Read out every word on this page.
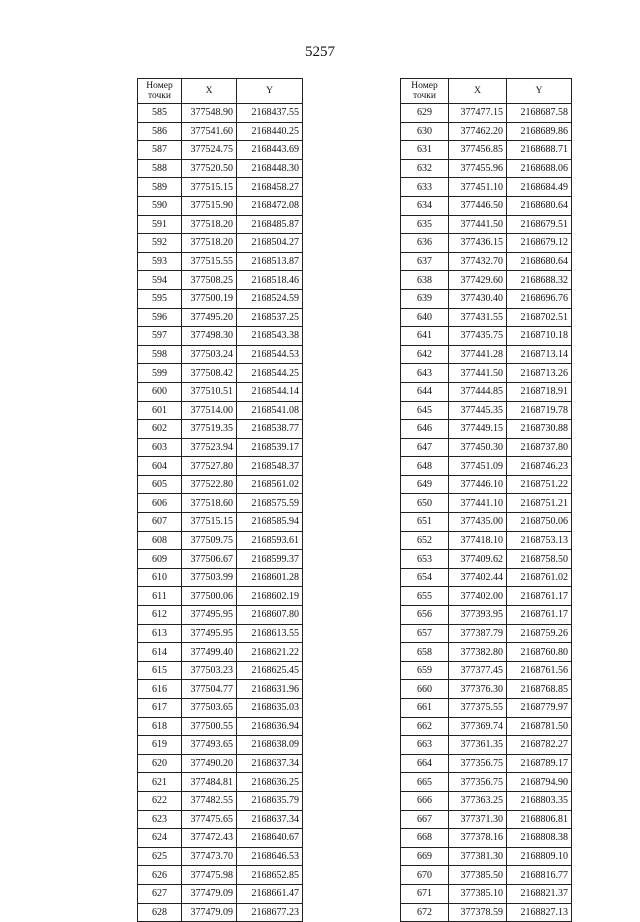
5257
Номер точки	X	Y
585	377548.90	2168437.55
586	377541.60	2168440.25
587	377524.75	2168443.69
588	377520.50	2168448.30
589	377515.15	2168458.27
590	377515.90	2168472.08
591	377518.20	2168485.87
592	377518.20	2168504.27
593	377515.55	2168513.87
594	377508.25	2168518.46
595	377500.19	2168524.59
596	377495.20	2168537.25
597	377498.30	2168543.38
598	377503.24	2168544.53
599	377508.42	2168544.25
600	377510.51	2168544.14
601	377514.00	2168541.08
602	377519.35	2168538.77
603	377523.94	2168539.17
604	377527.80	2168548.37
605	377522.80	2168561.02
606	377518.60	2168575.59
607	377515.15	2168585.94
608	377509.75	2168593.61
609	377506.67	2168599.37
610	377503.99	2168601.28
611	377500.06	2168602.19
612	377495.95	2168607.80
613	377495.95	2168613.55
614	377499.40	2168621.22
615	377503.23	2168625.45
616	377504.77	2168631.96
617	377503.65	2168635.03
618	377500.55	2168636.94
619	377493.65	2168638.09
620	377490.20	2168637.34
621	377484.81	2168636.25
622	377482.55	2168635.79
623	377475.65	2168637.34
624	377472.43	2168640.67
625	377473.70	2168646.53
626	377475.98	2168652.85
627	377479.09	2168661.47
628	377479.09	2168677.23
Номер точки	X	Y
629	377477.15	2168687.58
630	377462.20	2168689.86
631	377456.85	2168688.71
632	377455.96	2168688.06
633	377451.10	2168684.49
634	377446.50	2168680.64
635	377441.50	2168679.51
636	377436.15	2168679.12
637	377432.70	2168680.64
638	377429.60	2168688.32
639	377430.40	2168696.76
640	377431.55	2168702.51
641	377435.75	2168710.18
642	377441.28	2168713.14
643	377441.50	2168713.26
644	377444.85	2168718.91
645	377445.35	2168719.78
646	377449.15	2168730.88
647	377450.30	2168737.80
648	377451.09	2168746.23
649	377446.10	2168751.22
650	377441.10	2168751.21
651	377435.00	2168750.06
652	377418.10	2168753.13
653	377409.62	2168758.50
654	377402.44	2168761.02
655	377402.00	2168761.17
656	377393.95	2168761.17
657	377387.79	2168759.26
658	377382.80	2168760.80
659	377377.45	2168761.56
660	377376.30	2168768.85
661	377375.55	2168779.97
662	377369.74	2168781.50
663	377361.35	2168782.27
664	377356.75	2168789.17
665	377356.75	2168794.90
666	377363.25	2168803.35
667	377371.30	2168806.81
668	377378.16	2168808.38
669	377381.30	2168809.10
670	377385.50	2168816.77
671	377385.10	2168821.37
672	377378.59	2168827.13
